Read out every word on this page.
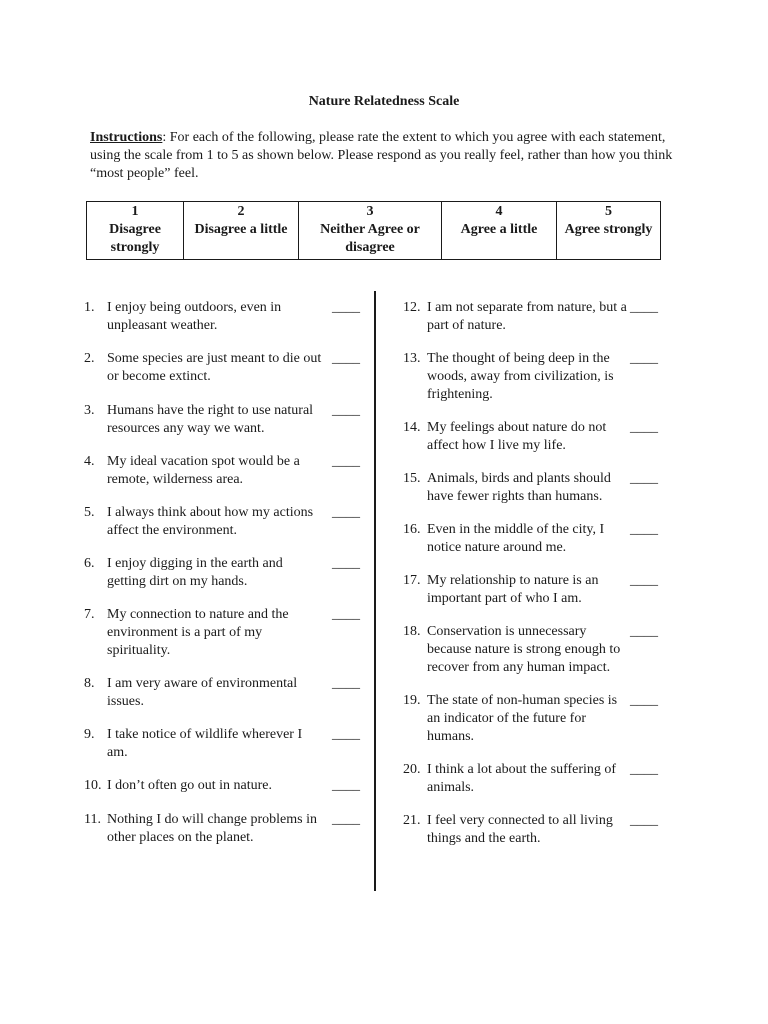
Nature Relatedness Scale
Instructions: For each of the following, please rate the extent to which you agree with each statement, using the scale from 1 to 5 as shown below. Please respond as you really feel, rather than how you think “most people” feel.
1
Disagree strongly

2
Disagree a little

3
Neither Agree or disagree

4
Agree a little

5
Agree strongly
1. I enjoy being outdoors, even in unpleasant weather.
____
2. Some species are just meant to die out or become extinct.
____
3. Humans have the right to use natural resources any way we want.
____
4. My ideal vacation spot would be a remote, wilderness area.
____
5. I always think about how my actions affect the environment.
____
6. I enjoy digging in the earth and getting dirt on my hands.
____
7. My connection to nature and the environment is a part of my spirituality.
____
8. I am very aware of environmental issues.
____
9. I take notice of wildlife wherever I am.
____
10. I don’t often go out in nature.	____
11. Nothing I do will change problems in other places on the planet.
____
12. I am not separate from nature, but a part of nature.
____
13. The thought of being deep in the woods, away from civilization, is frightening.
____
14. My feelings about nature do not affect how I live my life.
____
15. Animals, birds and plants should have fewer rights than humans.
____
16. Even in the middle of the city, I notice nature around me.
____
17. My relationship to nature is an important part of who I am.
____
18. Conservation is unnecessary because nature is strong enough to recover from any human impact.
____
19. The state of non-human species is an indicator of the future for humans.
____
20. I think a lot about the suffering of animals.
____
21. I feel very connected to all living things and the earth.
____
